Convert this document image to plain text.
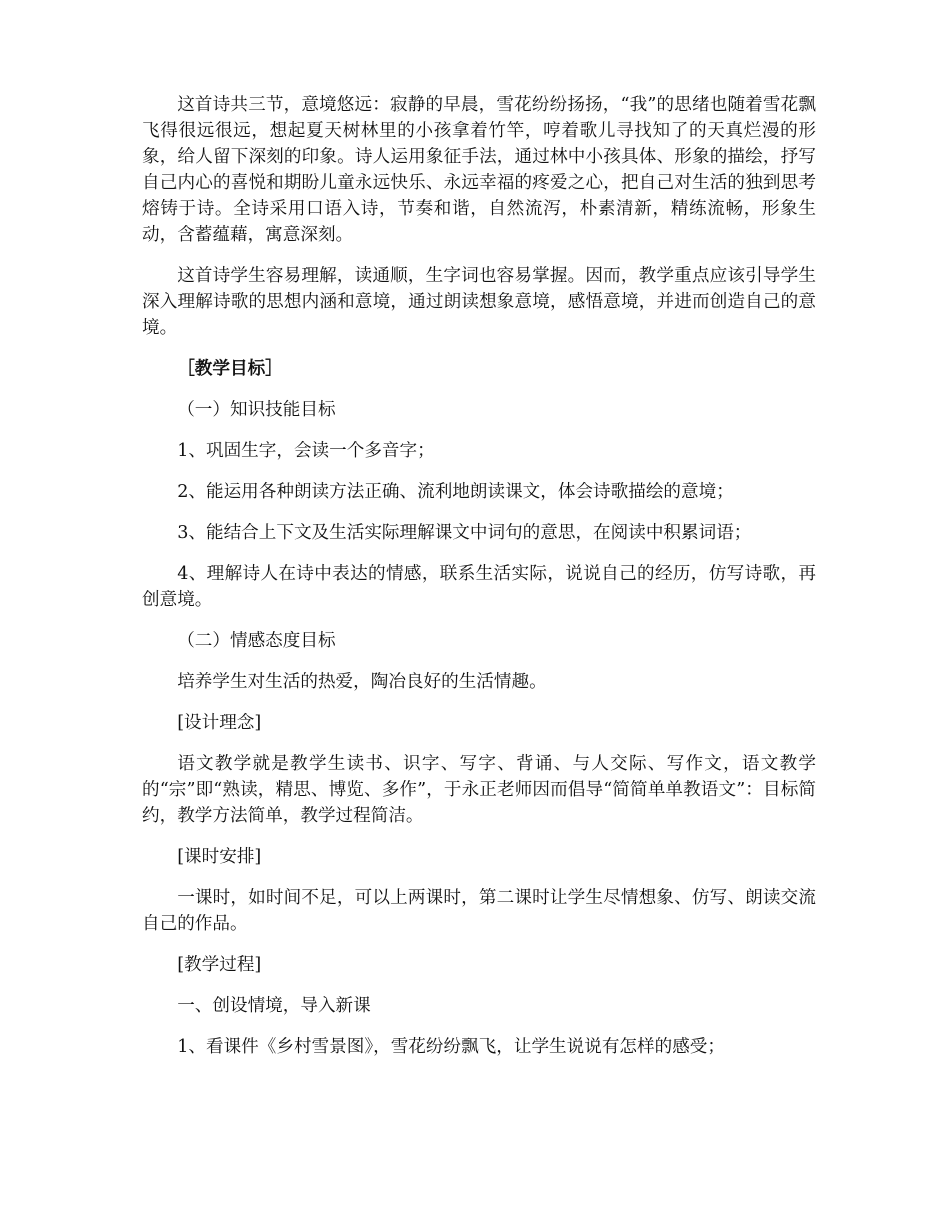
这首诗共三节，意境悠远：寂静的早晨，雪花纷纷扬扬，“我”的思绪也随着雪花飘飞得很远很远，想起夏天树林里的小孩拿着竹竿，哼着歌儿寻找知了的天真烂漫的形象，给人留下深刻的印象。诗人运用象征手法，通过林中小孩具体、形象的描绘，抒写自己内心的喜悦和期盼儿童永远快乐、永远幸福的疼爱之心，把自己对生活的独到思考熔铸于诗。全诗采用口语入诗，节奏和谐，自然流泻，朴素清新，精练流畅，形象生动，含蓄蕴藉，寓意深刻。

这首诗学生容易理解，读通顺，生字词也容易掌握。因而，教学重点应该引导学生深入理解诗歌的思想内涵和意境，通过朗读想象意境，感悟意境，并进而创造自己的意境。

［教学目标］

（一）知识技能目标

1、巩固生字，会读一个多音字；

2、能运用各种朗读方法正确、流利地朗读课文，体会诗歌描绘的意境；

3、能结合上下文及生活实际理解课文中词句的意思，在阅读中积累词语；

4、理解诗人在诗中表达的情感，联系生活实际，说说自己的经历，仿写诗歌，再创意境。

（二）情感态度目标

培养学生对生活的热爱，陶冶良好的生活情趣。

[设计理念]

语文教学就是教学生读书、识字、写字、背诵、与人交际、写作文，语文教学的“宗”即“熟读，精思、博览、多作”，于永正老师因而倡导“简简单单教语文”：目标简约，教学方法简单，教学过程简洁。

[课时安排]

一课时，如时间不足，可以上两课时，第二课时让学生尽情想象、仿写、朗读交流自己的作品。

[教学过程]

一、创设情境，导入新课

1、看课件《乡村雪景图》，雪花纷纷飘飞，让学生说说有怎样的感受；
